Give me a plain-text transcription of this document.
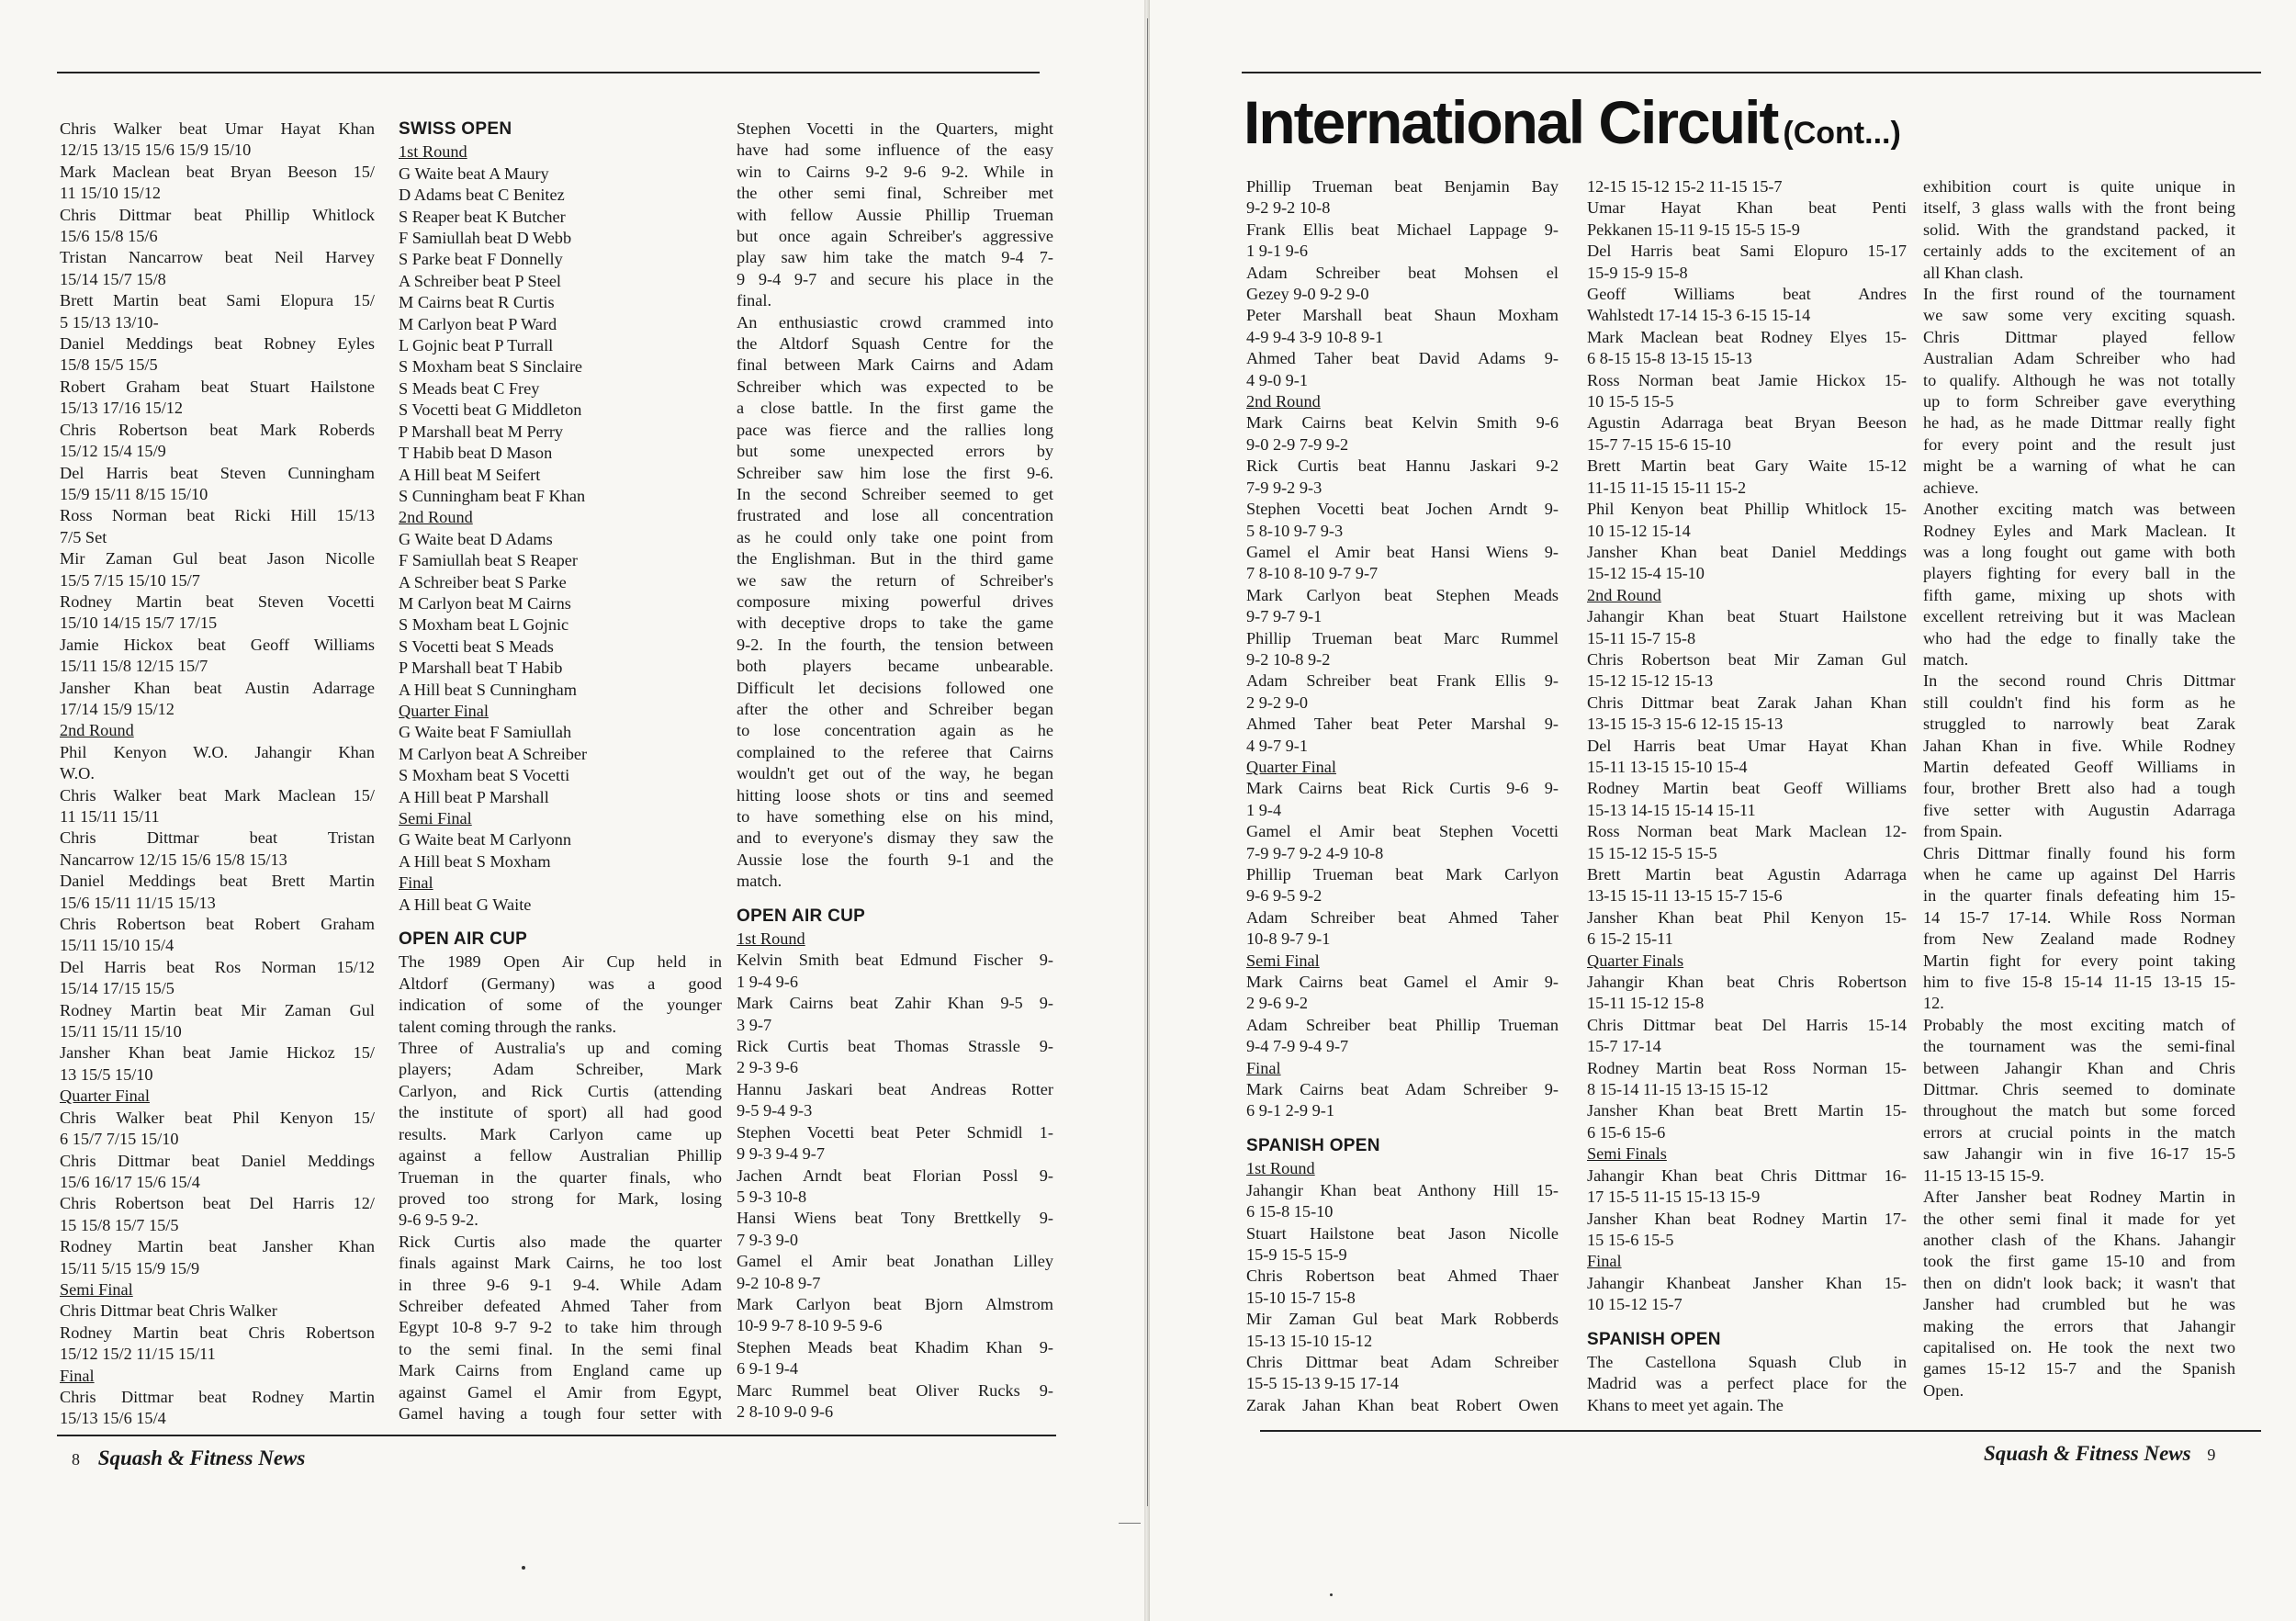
Chris Walker beat Umar Hayat Khan

12/15 13/15 15/6 15/9 15/10

Mark Maclean beat Bryan Beeson 15/

11 15/10 15/12

Chris Dittmar beat Phillip Whitlock

15/6 15/8 15/6

Tristan Nancarrow beat Neil Harvey

15/14 15/7 15/8

Brett Martin beat Sami Elopura 15/

5 15/13 13/10-

Daniel Meddings beat Robney Eyles

15/8 15/5 15/5

Robert Graham beat Stuart Hailstone

15/13 17/16 15/12

Chris Robertson beat Mark Roberds

15/12 15/4 15/9

Del Harris beat Steven Cunningham

15/9 15/11 8/15 15/10

Ross Norman beat Ricki Hill 15/13

7/5 Set

Mir Zaman Gul beat Jason Nicolle

15/5 7/15 15/10 15/7

Rodney Martin beat Steven Vocetti

15/10 14/15 15/7 17/15

Jamie Hickox beat Geoff Williams

15/11 15/8 12/15 15/7

Jansher Khan beat Austin Adarrage

17/14 15/9 15/12

2nd Round

Phil Kenyon W.O. Jahangir Khan

W.O.

Chris Walker beat Mark Maclean 15/

11 15/11 15/11

Chris Dittmar beat Tristan

Nancarrow 12/15 15/6 15/8 15/13

Daniel Meddings beat Brett Martin

15/6 15/11 11/15 15/13

Chris Robertson beat Robert Graham

15/11 15/10 15/4

Del Harris beat Ros Norman 15/12

15/14 17/15 15/5

Rodney Martin beat Mir Zaman Gul

15/11 15/11 15/10

Jansher Khan beat Jamie Hickoz 15/

13 15/5 15/10

Quarter Final

Chris Walker beat Phil Kenyon 15/

6 15/7 7/15 15/10

Chris Dittmar beat Daniel Meddings

15/6 16/17 15/6 15/4

Chris Robertson beat Del Harris 12/

15 15/8 15/7 15/5

Rodney Martin beat Jansher Khan

15/11 5/15 15/9 15/9

Semi Final

Chris Dittmar beat Chris Walker

Rodney Martin beat Chris Robertson

15/12 15/2 11/15 15/11

Final

Chris Dittmar beat Rodney Martin

15/13 15/6 15/4

SWISS OPEN

1st Round

G Waite beat A Maury

D Adams beat C Benitez

S Reaper beat K Butcher

F Samiullah beat D Webb

S Parke beat F Donnelly

A Schreiber beat P Steel

M Cairns beat R Curtis

M Carlyon beat P Ward

L Gojnic beat P Turrall

S Moxham beat S Sinclaire

S Meads beat C Frey

S Vocetti beat G Middleton

P Marshall beat M Perry

T Habib beat D Mason

A Hill beat M Seifert

S Cunningham beat F Khan

2nd Round

G Waite beat D Adams

F Samiullah beat S Reaper

A Schreiber beat S Parke

M Carlyon beat M Cairns

S Moxham beat L Gojnic

S Vocetti beat S Meads

P Marshall beat T Habib

A Hill beat S Cunningham

Quarter Final

G Waite beat F Samiullah

M Carlyon beat A Schreiber

S Moxham beat S Vocetti

A Hill beat P Marshall

Semi Final

G Waite beat M Carlyonn

A Hill beat S Moxham

Final

A Hill beat G Waite

OPEN AIR CUP

The 1989 Open Air Cup held in

Altdorf (Germany) was a good

indication of some of the younger

talent coming through the ranks.

Three of Australia's up and coming

players; Adam Schreiber, Mark

Carlyon, and Rick Curtis (attending

the institute of sport) all had good

results. Mark Carlyon came up

against a fellow Australian Phillip

Trueman in the quarter finals, who

proved too strong for Mark, losing

9-6 9-5 9-2.

Rick Curtis also made the quarter

finals against Mark Cairns, he too lost

in three 9-6 9-1 9-4. While Adam

Schreiber defeated Ahmed Taher from

Egypt 10-8 9-7 9-2 to take him through

to the semi final. In the semi final

Mark Cairns from England came up

against Gamel el Amir from Egypt,

Gamel having a tough four setter with

Stephen Vocetti in the Quarters, might

have had some influence of the easy

win to Cairns 9-2 9-6 9-2. While in

the other semi final, Schreiber met

with fellow Aussie Phillip Trueman

but once again Schreiber's aggressive

play saw him take the match 9-4 7-

9 9-4 9-7 and secure his place in the

final.

An enthusiastic crowd crammed into

the Altdorf Squash Centre for the

final between Mark Cairns and Adam

Schreiber which was expected to be

a close battle. In the first game the

pace was fierce and the rallies long

but some unexpected errors by

Schreiber saw him lose the first 9-6.

In the second Schreiber seemed to get

frustrated and lose all concentration

as he could only take one point from

the Englishman. But in the third game

we saw the return of Schreiber's

composure mixing powerful drives

with deceptive drops to take the game

9-2. In the fourth, the tension between

both players became unbearable.

Difficult let decisions followed one

after the other and Schreiber began

to lose concentration again as he

complained to the referee that Cairns

wouldn't get out of the way, he began

hitting loose shots or tins and seemed

to have something else on his mind,

and to everyone's dismay they saw the

Aussie lose the fourth 9-1 and the

match.

OPEN AIR CUP

1st Round

Kelvin Smith beat Edmund Fischer 9-

1 9-4 9-6

Mark Cairns beat Zahir Khan 9-5 9-

3 9-7

Rick Curtis beat Thomas Strassle 9-

2 9-3 9-6

Hannu Jaskari beat Andreas Rotter

9-5 9-4 9-3

Stephen Vocetti beat Peter Schmidl 1-

9 9-3 9-4 9-7

Jachen Arndt beat Florian Possl 9-

5 9-3 10-8

Hansi Wiens beat Tony Brettkelly 9-

7 9-3 9-0

Gamel el Amir beat Jonathan Lilley

9-2 10-8 9-7

Mark Carlyon beat Bjorn Almstrom

10-9 9-7 8-10 9-5 9-6

Stephen Meads beat Khadim Khan 9-

6 9-1 9-4

Marc Rummel beat Oliver Rucks 9-

2 8-10 9-0 9-6

8 Squash & Fitness News
International Circuit (Cont...)

Phillip Trueman beat Benjamin Bay

9-2 9-2 10-8

Frank Ellis beat Michael Lappage 9-

1 9-1 9-6

Adam Schreiber beat Mohsen el

Gezey 9-0 9-2 9-0

Peter Marshall beat Shaun Moxham

4-9 9-4 3-9 10-8 9-1

Ahmed Taher beat David Adams 9-

4 9-0 9-1

2nd Round

Mark Cairns beat Kelvin Smith 9-6

9-0 2-9 7-9 9-2

Rick Curtis beat Hannu Jaskari 9-2

7-9 9-2 9-3

Stephen Vocetti beat Jochen Arndt 9-

5 8-10 9-7 9-3

Gamel el Amir beat Hansi Wiens 9-

7 8-10 8-10 9-7 9-7

Mark Carlyon beat Stephen Meads

9-7 9-7 9-1

Phillip Trueman beat Marc Rummel

9-2 10-8 9-2

Adam Schreiber beat Frank Ellis 9-

2 9-2 9-0

Ahmed Taher beat Peter Marshal 9-

4 9-7 9-1

Quarter Final

Mark Cairns beat Rick Curtis 9-6 9-

1 9-4

Gamel el Amir beat Stephen Vocetti

7-9 9-7 9-2 4-9 10-8

Phillip Trueman beat Mark Carlyon

9-6 9-5 9-2

Adam Schreiber beat Ahmed Taher

10-8 9-7 9-1

Semi Final

Mark Cairns beat Gamel el Amir 9-

2 9-6 9-2

Adam Schreiber beat Phillip Trueman

9-4 7-9 9-4 9-7

Final

Mark Cairns beat Adam Schreiber 9-

6 9-1 2-9 9-1

SPANISH OPEN

1st Round

Jahangir Khan beat Anthony Hill 15-

6 15-8 15-10

Stuart Hailstone beat Jason Nicolle

15-9 15-5 15-9

Chris Robertson beat Ahmed Thaer

15-10 15-7 15-8

Mir Zaman Gul beat Mark Robberds

15-13 15-10 15-12

Chris Dittmar beat Adam Schreiber

15-5 15-13 9-15 17-14

Zarak Jahan Khan beat Robert Owen

12-15 15-12 15-2 11-15 15-7

Umar Hayat Khan beat Penti

Pekkanen 15-11 9-15 15-5 15-9

Del Harris beat Sami Elopuro 15-17

15-9 15-9 15-8

Geoff Williams beat Andres

Wahlstedt 17-14 15-3 6-15 15-14

Mark Maclean beat Rodney Elyes 15-

6 8-15 15-8 13-15 15-13

Ross Norman beat Jamie Hickox 15-

10 15-5 15-5

Agustin Adarraga beat Bryan Beeson

15-7 7-15 15-6 15-10

Brett Martin beat Gary Waite 15-12

11-15 11-15 15-11 15-2

Phil Kenyon beat Phillip Whitlock 15-

10 15-12 15-14

Jansher Khan beat Daniel Meddings

15-12 15-4 15-10

2nd Round

Jahangir Khan beat Stuart Hailstone

15-11 15-7 15-8

Chris Robertson beat Mir Zaman Gul

15-12 15-12 15-13

Chris Dittmar beat Zarak Jahan Khan

13-15 15-3 15-6 12-15 15-13

Del Harris beat Umar Hayat Khan

15-11 13-15 15-10 15-4

Rodney Martin beat Geoff Williams

15-13 14-15 15-14 15-11

Ross Norman beat Mark Maclean 12-

15 15-12 15-5 15-5

Brett Martin beat Agustin Adarraga

13-15 15-11 13-15 15-7 15-6

Jansher Khan beat Phil Kenyon 15-

6 15-2 15-11

Quarter Finals

Jahangir Khan beat Chris Robertson

15-11 15-12 15-8

Chris Dittmar beat Del Harris 15-14

15-7 17-14

Rodney Martin beat Ross Norman 15-

8 15-14 11-15 13-15 15-12

Jansher Khan beat Brett Martin 15-

6 15-6 15-6

Semi Finals

Jahangir Khan beat Chris Dittmar 16-

17 15-5 11-15 15-13 15-9

Jansher Khan beat Rodney Martin 17-

15 15-6 15-5

Final

Jahangir Khanbeat Jansher Khan 15-

10 15-12 15-7

SPANISH OPEN

The Castellona Squash Club in

Madrid was a perfect place for the

Khans to meet yet again. The

exhibition court is quite unique in

itself, 3 glass walls with the front being

solid. With the grandstand packed, it

certainly adds to the excitement of an

all Khan clash.

In the first round of the tournament

we saw some very exciting squash.

Chris Dittmar played fellow

Australian Adam Schreiber who had

to qualify. Although he was not totally

up to form Schreiber gave everything

he had, as he made Dittmar really fight

for every point and the result just

might be a warning of what he can

achieve.

Another exciting match was between

Rodney Eyles and Mark Maclean. It

was a long fought out game with both

players fighting for every ball in the

fifth game, mixing up shots with

excellent retreiving but it was Maclean

who had the edge to finally take the

match.

In the second round Chris Dittmar

still couldn't find his form as he

struggled to narrowly beat Zarak

Jahan Khan in five. While Rodney

Martin defeated Geoff Williams in

four, brother Brett also had a tough

five setter with Augustin Adarraga

from Spain.

Chris Dittmar finally found his form

when he came up against Del Harris

in the quarter finals defeating him 15-

14 15-7 17-14. While Ross Norman

from New Zealand made Rodney

Martin fight for every point taking

him to five 15-8 15-14 11-15 13-15 15-

12.

Probably the most exciting match of

the tournament was the semi-final

between Jahangir Khan and Chris

Dittmar. Chris seemed to dominate

throughout the match but some forced

errors at crucial points in the match

saw Jahangir win in five 16-17 15-5

11-15 13-15 15-9.

After Jansher beat Rodney Martin in

the other semi final it made for yet

another clash of the Khans. Jahangir

took the first game 15-10 and from

then on didn't look back; it wasn't that

Jansher had crumbled but he was

making the errors that Jahangir

capitalised on. He took the next two

games 15-12 15-7 and the Spanish

Open.

Squash & Fitness News 9
